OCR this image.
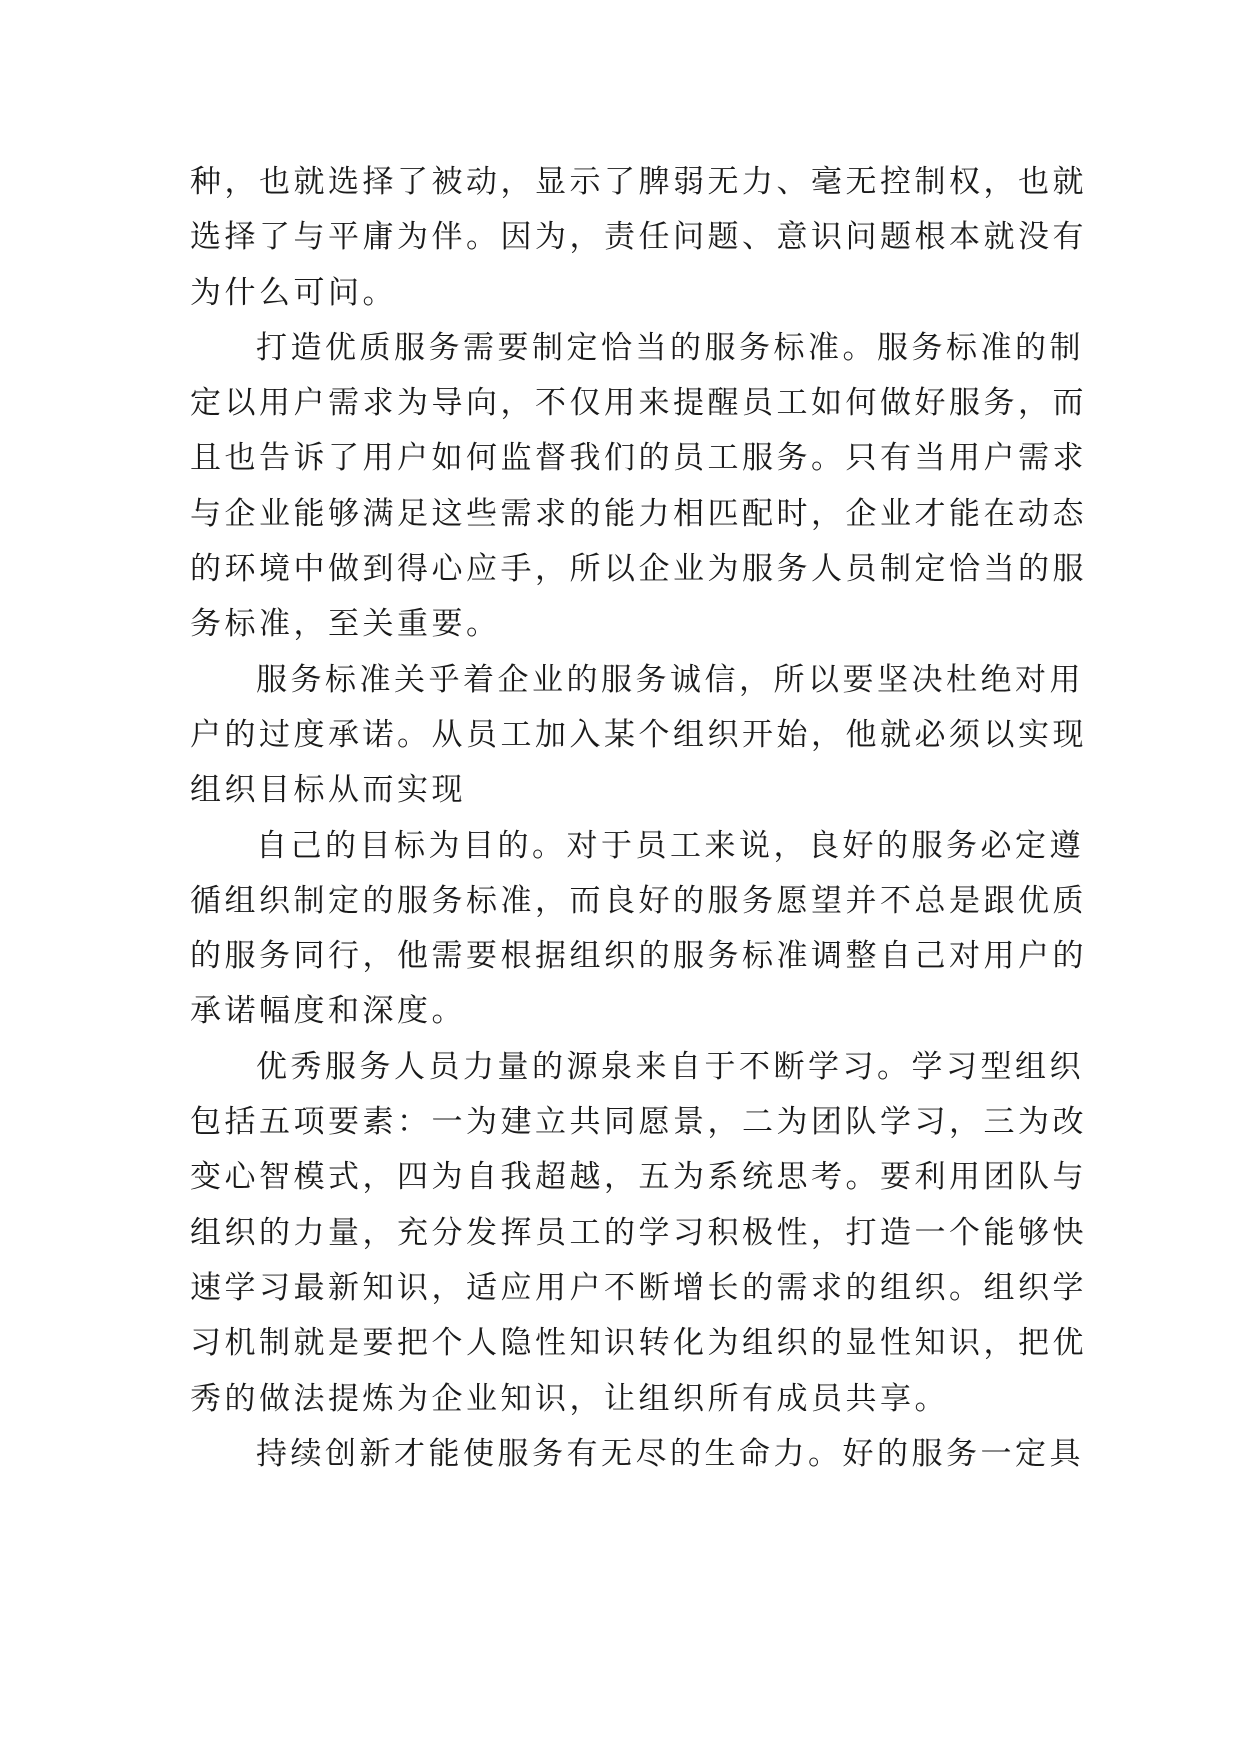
种，也就选择了被动，显示了脾弱无力、毫无控制权，也就
选择了与平庸为伴。因为，责任问题、意识问题根本就没有
为什么可问。
打造优质服务需要制定恰当的服务标准。服务标准的制
定以用户需求为导向，不仅用来提醒员工如何做好服务，而
且也告诉了用户如何监督我们的员工服务。只有当用户需求
与企业能够满足这些需求的能力相匹配时，企业才能在动态
的环境中做到得心应手，所以企业为服务人员制定恰当的服
务标准，至关重要。
服务标准关乎着企业的服务诚信，所以要坚决杜绝对用
户的过度承诺。从员工加入某个组织开始，他就必须以实现
组织目标从而实现
自己的目标为目的。对于员工来说，良好的服务必定遵
循组织制定的服务标准，而良好的服务愿望并不总是跟优质
的服务同行，他需要根据组织的服务标准调整自己对用户的
承诺幅度和深度。
优秀服务人员力量的源泉来自于不断学习。学习型组织
包括五项要素：一为建立共同愿景，二为团队学习，三为改
变心智模式，四为自我超越，五为系统思考。要利用团队与
组织的力量，充分发挥员工的学习积极性，打造一个能够快
速学习最新知识，适应用户不断增长的需求的组织。组织学
习机制就是要把个人隐性知识转化为组织的显性知识，把优
秀的做法提炼为企业知识，让组织所有成员共享。
持续创新才能使服务有无尽的生命力。好的服务一定具
